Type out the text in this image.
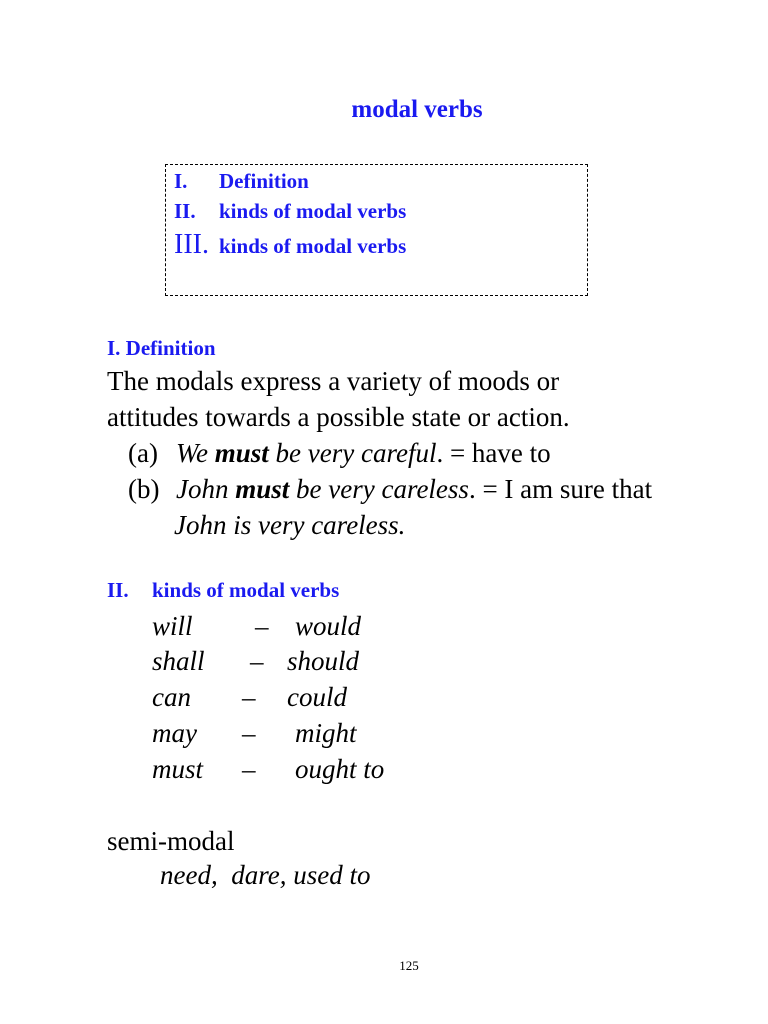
modal verbs
I. Definition
II. kinds of modal verbs
III. kinds of modal verbs
I. Definition
The modals express a variety of moods or
attitudes towards a possible state or action.
(a) We must be very careful. = have to
(b) John must be very careless. = I am sure that
John is very careless.
II. kinds of modal verbs
will – would
shall – should
can – could
may – might
must – ought to
semi-modal
need,  dare, used to
125
